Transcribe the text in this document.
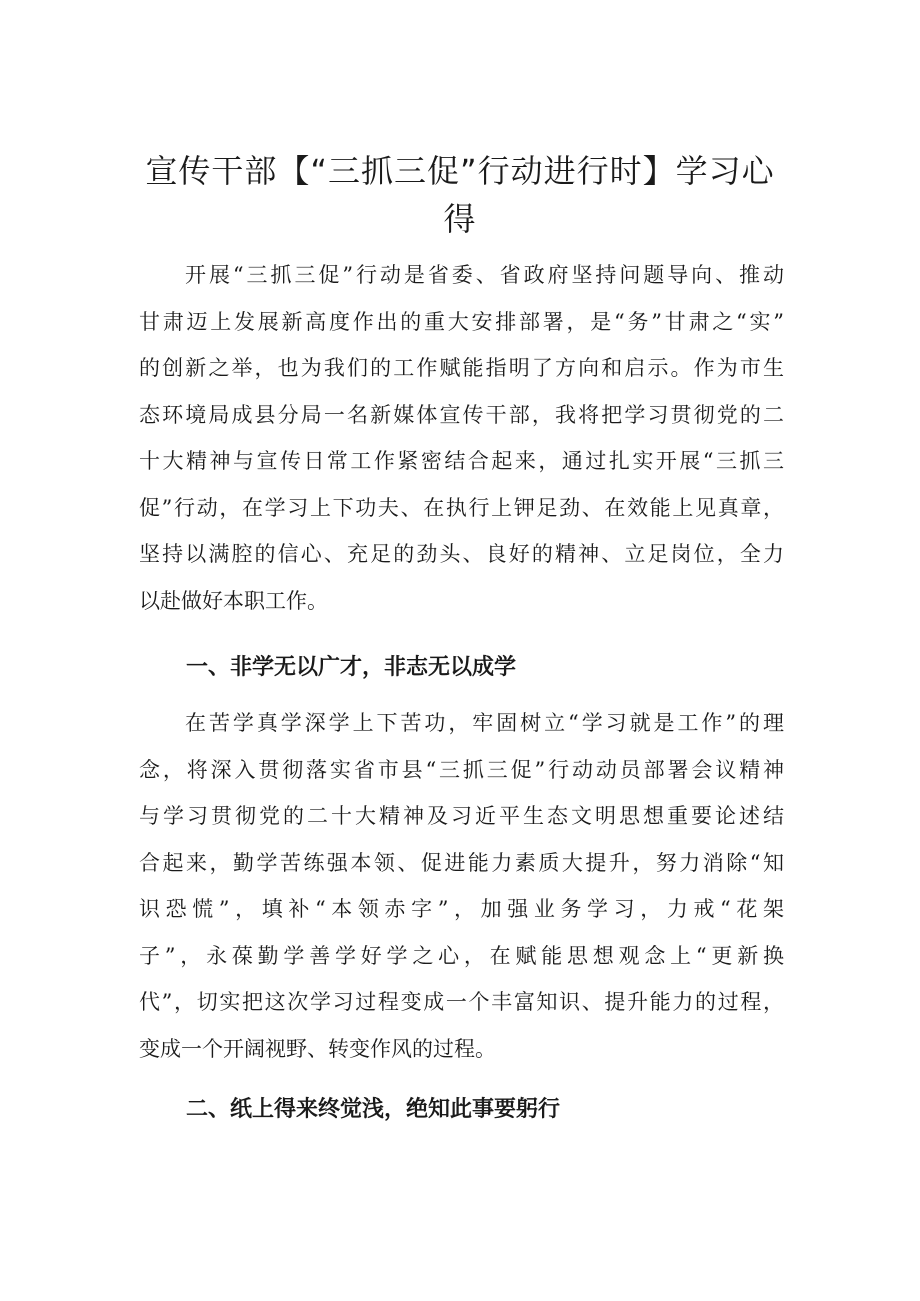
宣传干部【“三抓三促”行动进行时】学习心
得

开展“三抓三促”行动是省委、省政府坚持问题导向、推动
甘肃迈上发展新高度作出的重大安排部署，是“务”甘肃之“实”
的创新之举，也为我们的工作赋能指明了方向和启示。作为市生
态环境局成县分局一名新媒体宣传干部，我将把学习贯彻党的二
十大精神与宣传日常工作紧密结合起来，通过扎实开展“三抓三
促”行动，在学习上下功夫、在执行上钾足劲、在效能上见真章，
坚持以满腔的信心、充足的劲头、良好的精神、立足岗位，全力
以赴做好本职工作。

一、非学无以广才，非志无以成学

在苦学真学深学上下苦功，牢固树立“学习就是工作”的理
念，将深入贯彻落实省市县“三抓三促”行动动员部署会议精神
与学习贯彻党的二十大精神及习近平生态文明思想重要论述结
合起来，勤学苦练强本领、促进能力素质大提升，努力消除“知
识恐慌”，填补“本领赤字”，加强业务学习，力戒“花架
子”，永葆勤学善学好学之心，在赋能思想观念上“更新换
代”，切实把这次学习过程变成一个丰富知识、提升能力的过程，
变成一个开阔视野、转变作风的过程。

二、纸上得来终觉浅，绝知此事要躬行
